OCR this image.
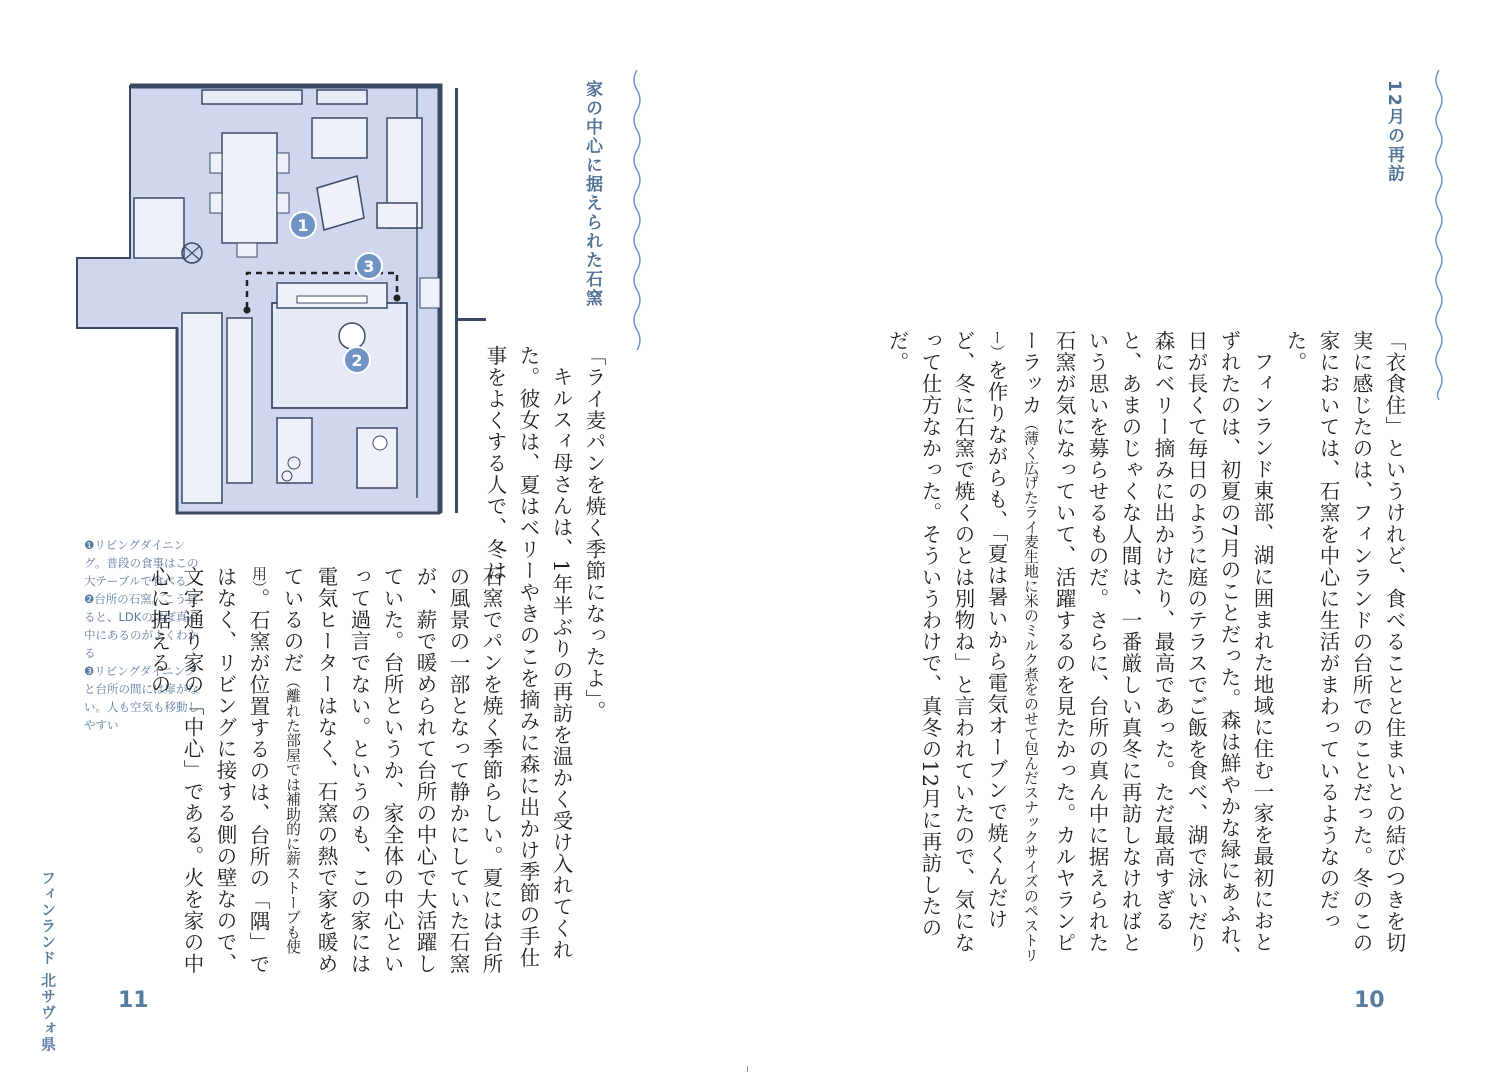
1
2
3

❶リビングダイニング。普段の食事はこの大テーブルで食べる

❷台所の石窯。こう見ると、LDKのほぼ真ん中にあるのがよくわかる

❸リビングダイニングと台所の間には扉がない。人も空気も移動しやすい

家の中心に据えられた石窯

「ライ麦パンを焼く季節になったよ」。

キルスィ母さんは、1年半ぶりの再訪を温かく受け入れてくれた。彼女は、夏はベリーやきのこを摘みに森に出かけ季節の手仕事をよくする人で、冬は

石窯でパンを焼く季節らしい。夏には台所の風景の一部となって静かにしていた石窯が、薪で暖められて台所の中心で大活躍していた。台所というか、家全体の中心といって過言でない。というのも、この家には電気ヒーターはなく、石窯の熱で家を暖めているのだ（離れた部屋では補助的に薪ストーブも使用）。石窯が位置するのは、台所の「隅」ではなく、リビングに接する側の壁なので、文字通り家の「中心」である。火を家の中心に据えるの

フィンランド 北サヴォ県	11
12月の再訪

「衣食住」というけれど、食べることと住まいとの結びつきを切実に感じたのは、フィンランドの台所でのことだった。冬のこの家においては、石窯を中心に生活がまわっているようなのだった。

フィンランド東部、湖に囲まれた地域に住む一家を最初におとずれたのは、初夏の7月のことだった。森は鮮やかな緑にあふれ、日が長くて毎日のように庭のテラスでご飯を食べ、湖で泳いだり森にベリー摘みに出かけたり、最高であった。ただ最高すぎると、あまのじゃくな人間は、一番厳しい真冬に再訪しなければという思いを募らせるものだ。さらに、台所の真ん中に据えられた石窯が気になっていて、活躍するのを見たかった。カルヤランピーラッカ（薄く広げたライ麦生地に米のミルク煮をのせて包んだスナックサイズのペストリー）を作りながらも、「夏は暑いから電気オーブンで焼くんだけど、冬に石窯で焼くのとは別物ね」と言われていたので、気になって仕方なかった。そういうわけで、真冬の12月に再訪したのだ。

10
